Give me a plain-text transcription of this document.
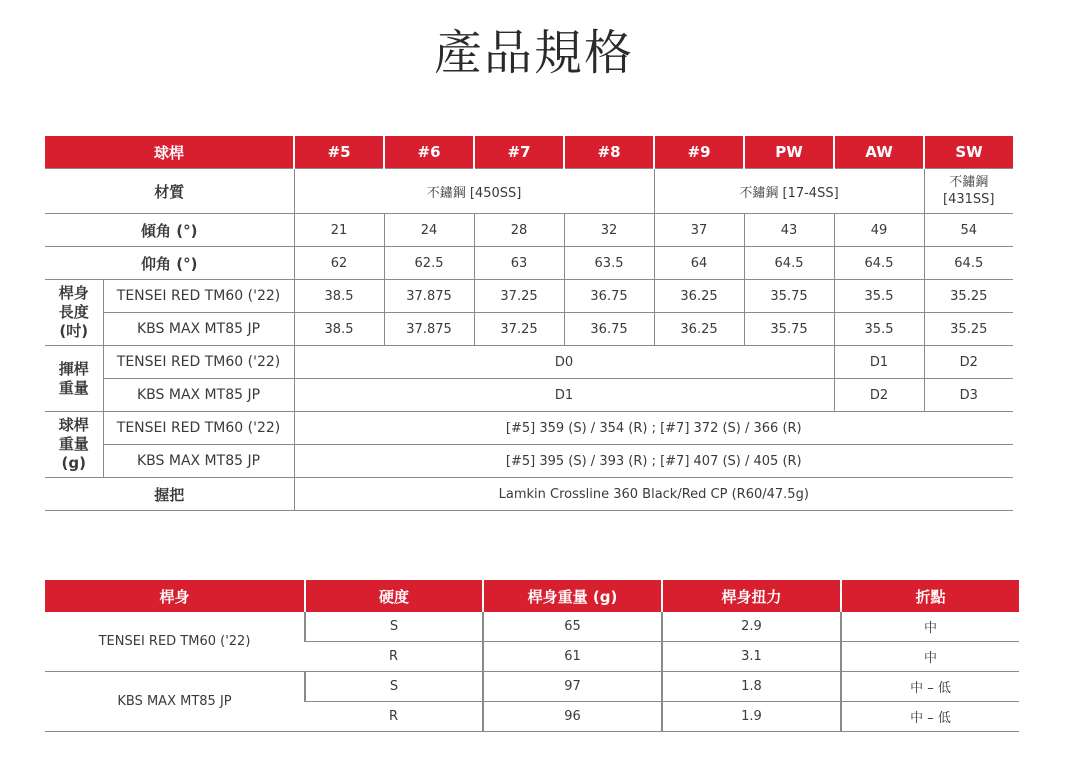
產品規格
球桿		#5	#6	#7	#8	#9	PW	AW	SW
材質		不鏽鋼 [450SS]				不鏽鋼 [17-4SS]			不鏽鋼
[431SS]
傾角 (°)		21	24	28	32	37	43	49	54
仰角 (°)		62	62.5	63	63.5	64	64.5	64.5	64.5
桿身長度(吋)	TENSEI RED TM60 ('22)	38.5	37.875	37.25	36.75	36.25	35.75	35.5	35.25
	KBS MAX MT85 JP	38.5	37.875	37.25	36.75	36.25	35.75	35.5	35.25
揮桿重量	TENSEI RED TM60 ('22)	D0						D1	D2
	KBS MAX MT85 JP	D1						D2	D3
球桿重量(g)	TENSEI RED TM60 ('22)	[#5] 359 (S) / 354 (R) ; [#7] 372 (S) / 366 (R)							
	KBS MAX MT85 JP	[#5] 395 (S) / 393 (R) ; [#7] 407 (S) / 405 (R)							
握把		Lamkin Crossline 360 Black/Red CP (R60/47.5g)							
桿身	硬度	桿身重量 (g)	桿身扭力	折點
TENSEI RED TM60 ('22)	S	65	2.9	中
	R	61	3.1	中
KBS MAX MT85 JP	S	97	1.8	中 – 低
	R	96	1.9	中 – 低
